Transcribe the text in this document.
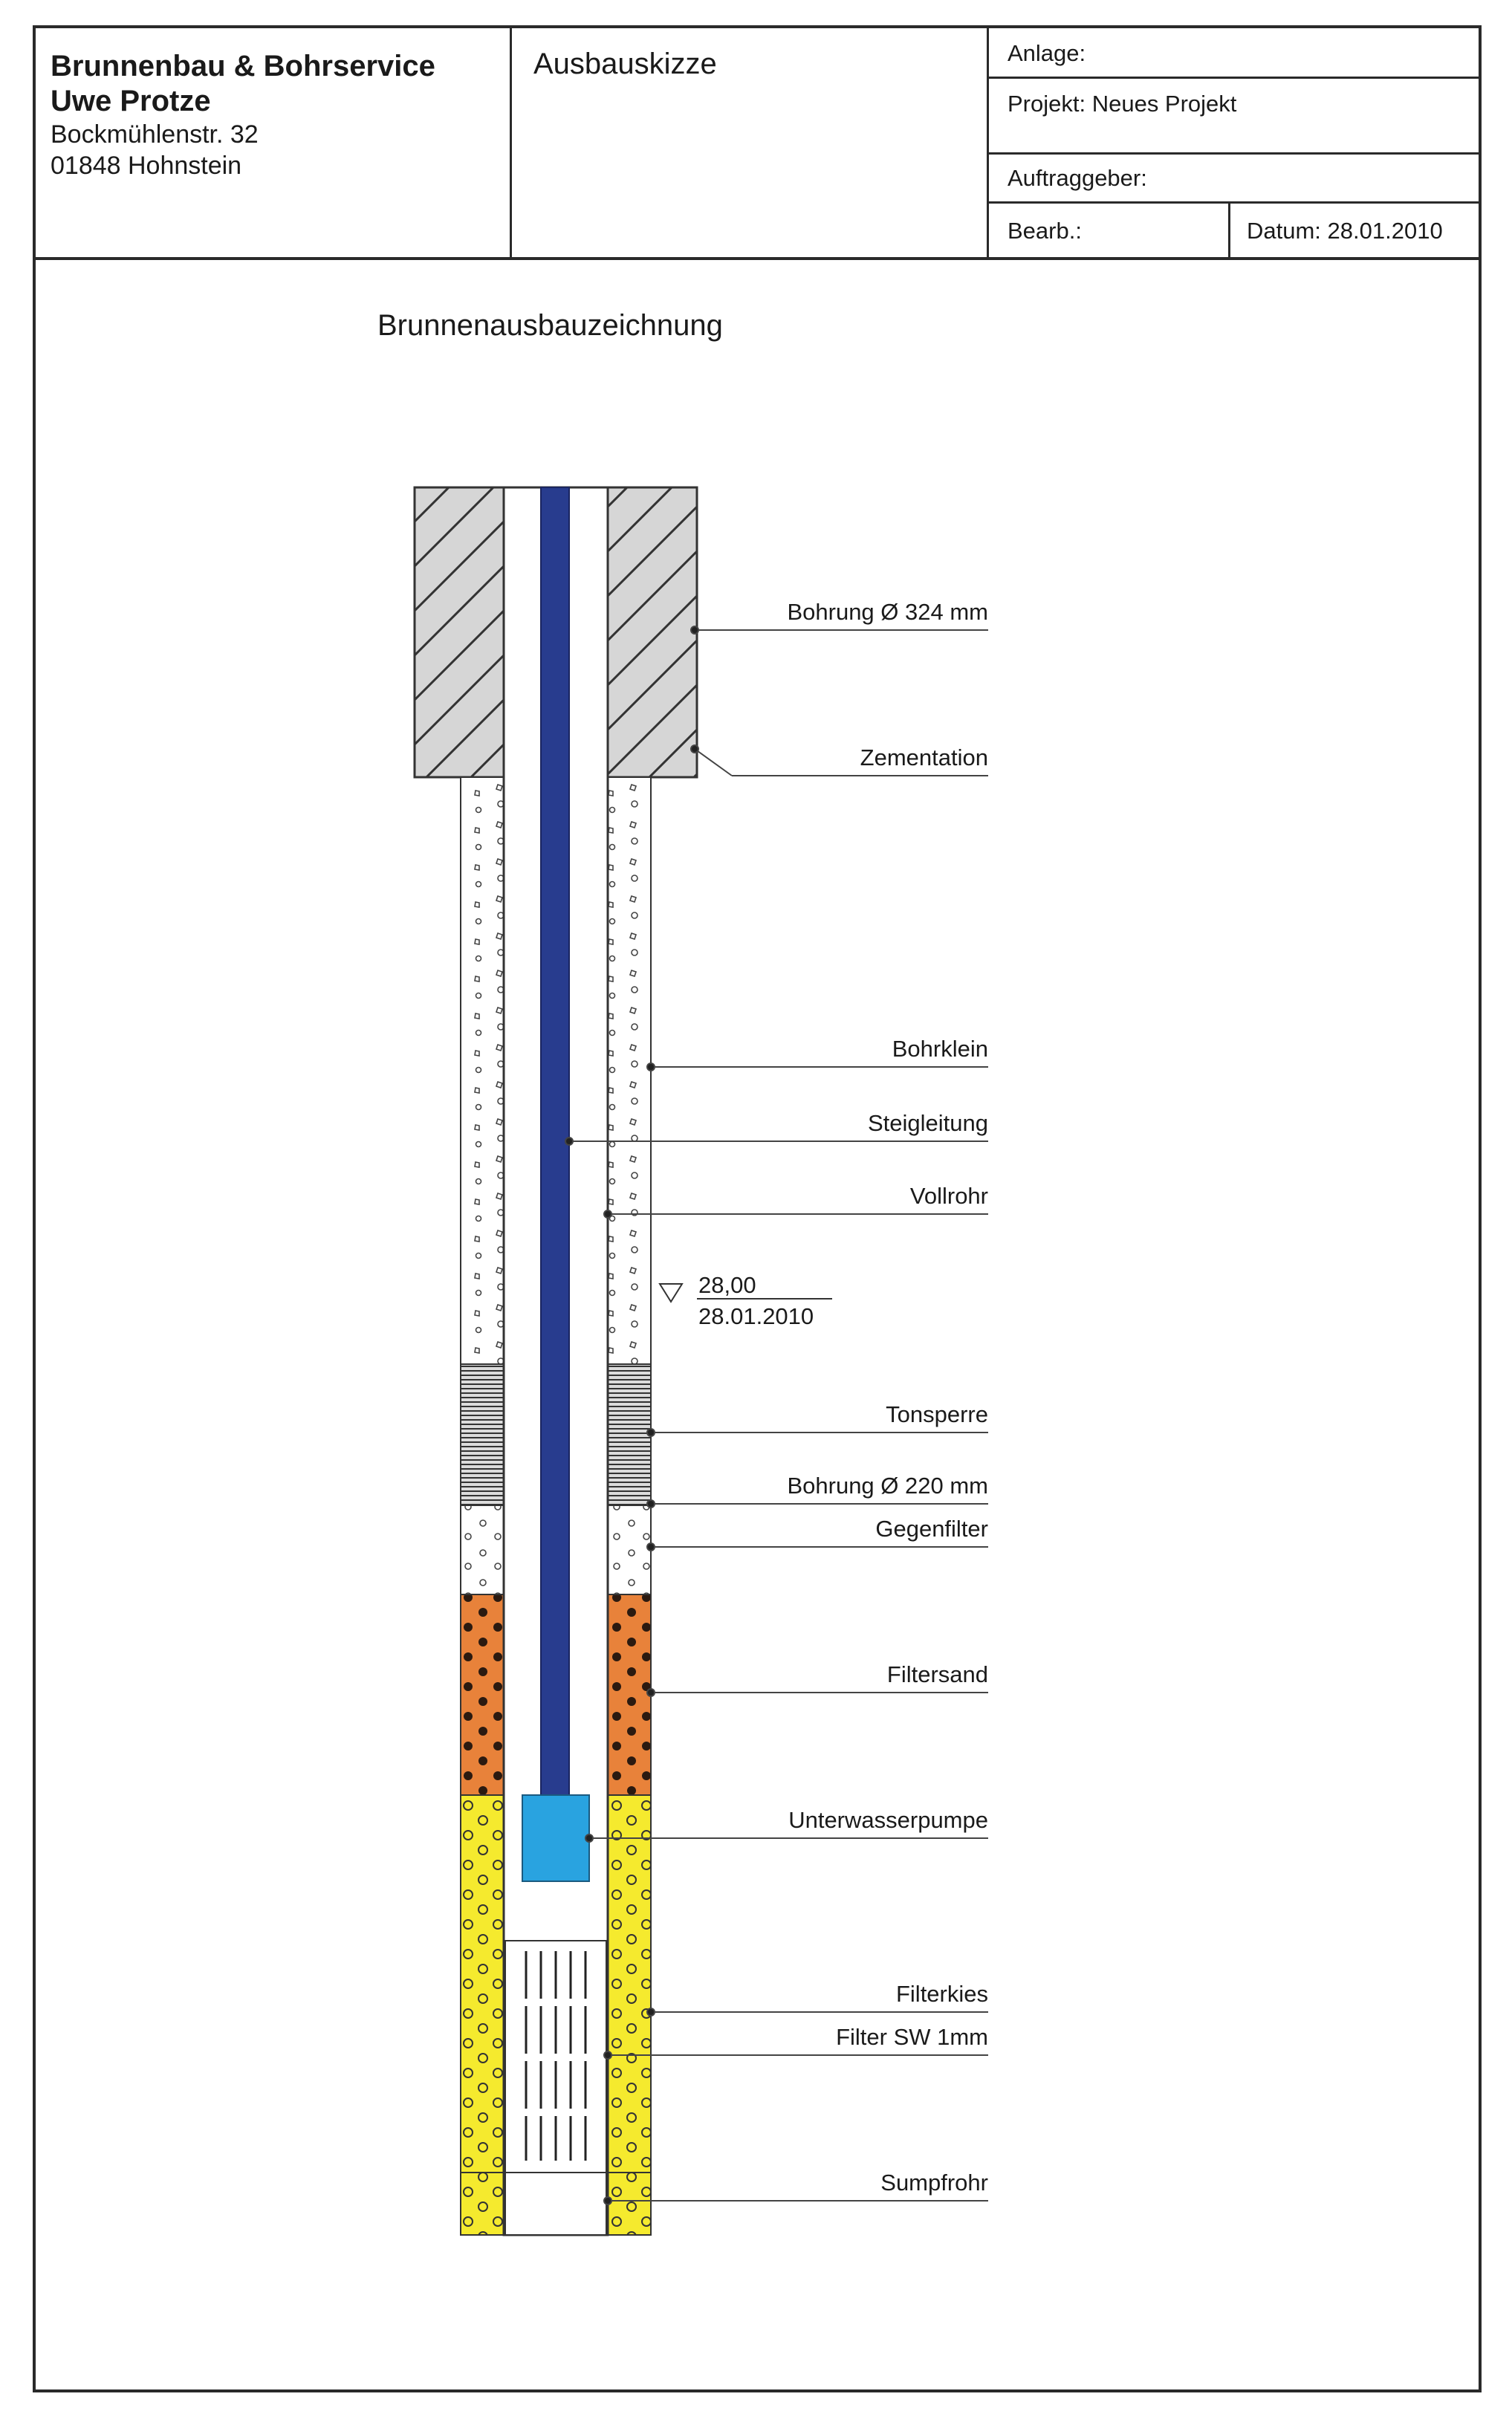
Brunnenbau & Bohrservice
Uwe Protze
Bockmühlenstr. 32
01848 Hohnstein
Ausbauskizze	Anlage:
Projekt: Neues Projekt
Auftraggeber:
Bearb.:	Datum: 28.01.2010
Brunnenausbauzeichnung
Bohrung Ø 324 mm
Zementation
Bohrklein
Steigleitung
Vollrohr
28,00
28.01.2010
Tonsperre
Bohrung Ø 220 mm
Gegenfilter
Filtersand
Unterwasserpumpe
Filterkies
Filter SW 1mm
Sumpfrohr
